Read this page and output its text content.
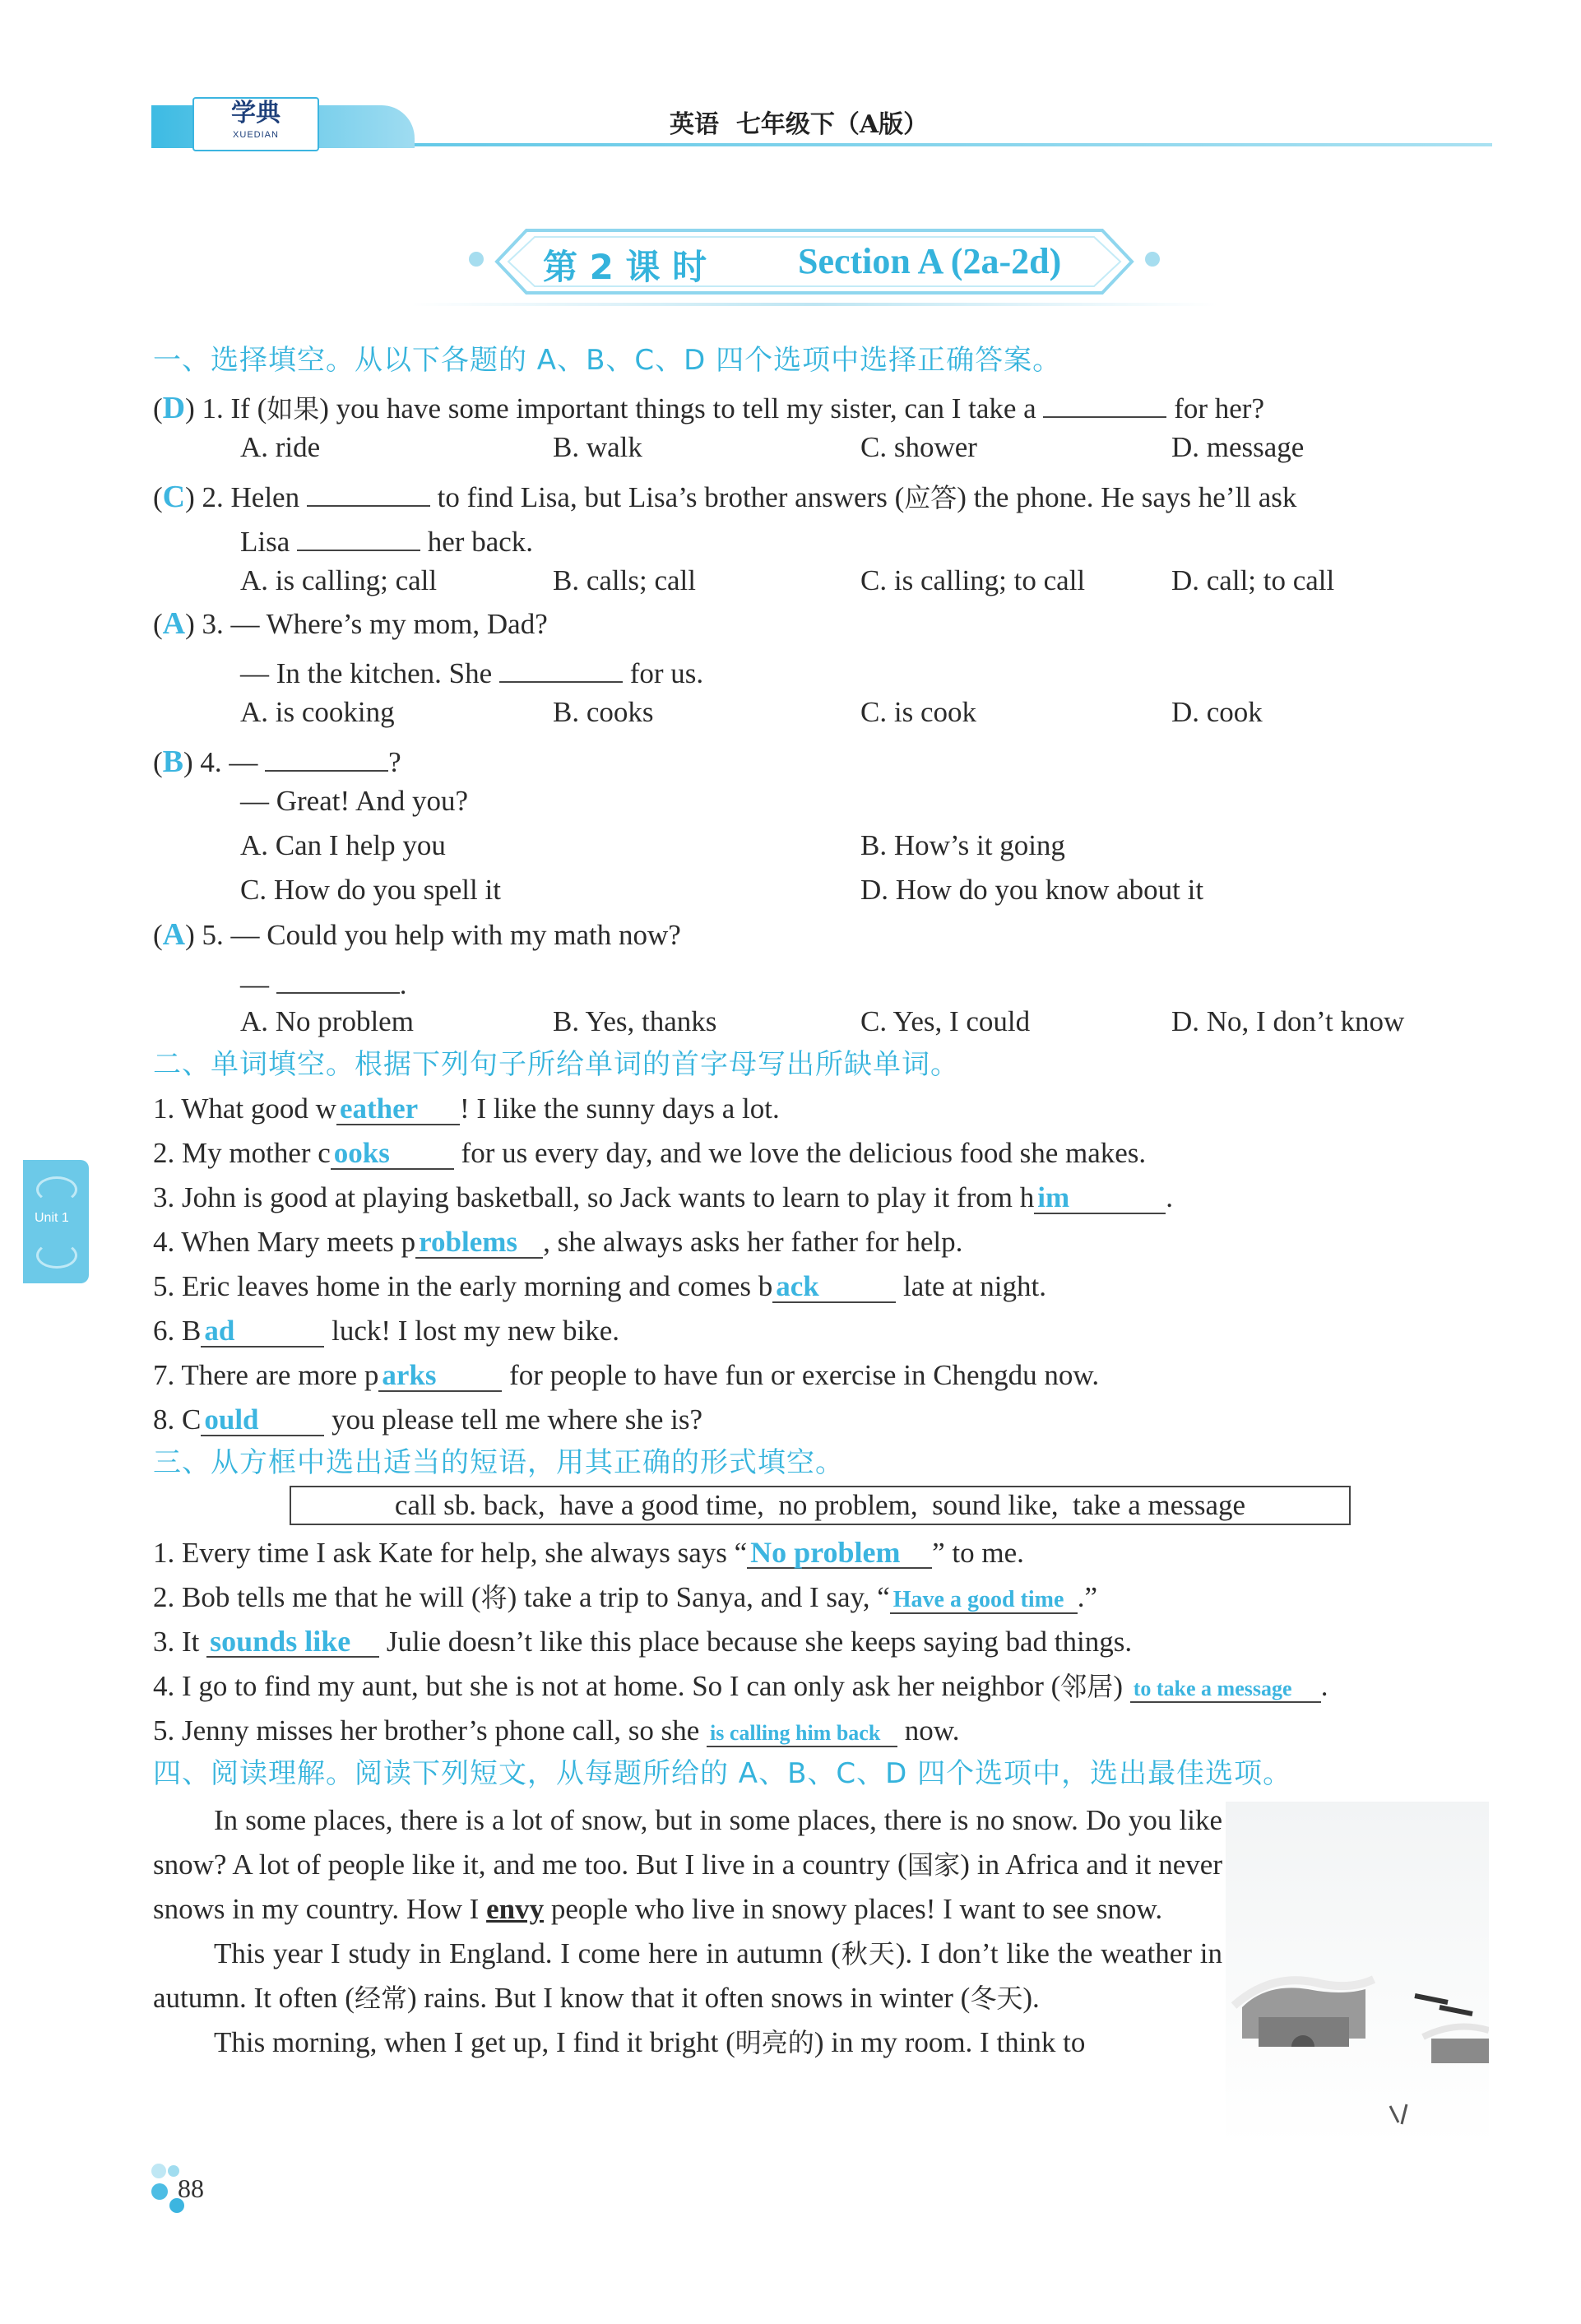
学典
XUEDIAN	英语  七年级下（A版）
第 2 课 时	Section A (2a-2d)
一、选择填空。从以下各题的 A、B、C、D 四个选项中选择正确答案。
(D) 1. If (如果) you have some important things to tell my sister, can I take a	for her?
A. ride	B. walk	C. shower	D. message
(C) 2. Helen	to find Lisa, but Lisa’s brother answers (应答) the phone. He says he’ll ask
Lisa	her back.
A. is calling; call	B. calls; call	C. is calling; to call	D. call; to call
(A) 3. — Where’s my mom, Dad?
— In the kitchen. She	for us.
A. is cooking	B. cooks	C. is cook	D. cook
(B) 4. —	?
— Great! And you?
A. Can I help you	B. How’s it going
C. How do you spell it	D. How do you know about it
(A) 5. — Could you help with my math now?
—	.
A. No problem	B. Yes, thanks	C. Yes, I could	D. No, I don’t know
二、单词填空。根据下列句子所给单词的首字母写出所缺单词。
1. What good w eather ! I like the sunny days a lot.
2. My mother c ooks for us every day, and we love the delicious food she makes.
3. John is good at playing basketball, so Jack wants to learn to play it from h im	.
4. When Mary meets p roblems , she always asks her father for help.
5. Eric leaves home in the early morning and comes b ack	late at night.
6. B ad	luck! I lost my new bike.
7. There are more p arks	for people to have fun or exercise in Chengdu now.
8. C ould	you please tell me where she is?
三、从方框中选出适当的短语，用其正确的形式填空。
call sb. back,  have a good time,  no problem,  sound like,  take a message
1. Every time I ask Kate for help, she always says “ No problem ” to me.
2. Bob tells me that he will (将) take a trip to Sanya, and I say, “ Have a good time .”
3. It sounds like Julie doesn’t like this place because she keeps saying bad things.
4. I go to find my aunt, but she is not at home. So I can only ask her neighbor (邻居) to take a message .
5. Jenny misses her brother’s phone call, so she is calling him back now.
四、阅读理解。阅读下列短文，从每题所给的 A、B、C、D 四个选项中，选出最佳选项。

In some places, there is a lot of snow, but in some places, there is no snow. Do you like snow? A lot of people like it, and me too. But I live in a country (国家) in Africa and it never snows in my country. How I envy people who live in snowy places! I want to see snow.

This year I study in England. I come here in autumn (秋天). I don’t like the weather in autumn. It often (经常) rains. But I know that it often snows in winter (冬天).

This morning, when I get up, I find it bright (明亮的) in my room. I think to

Unit 1
88
